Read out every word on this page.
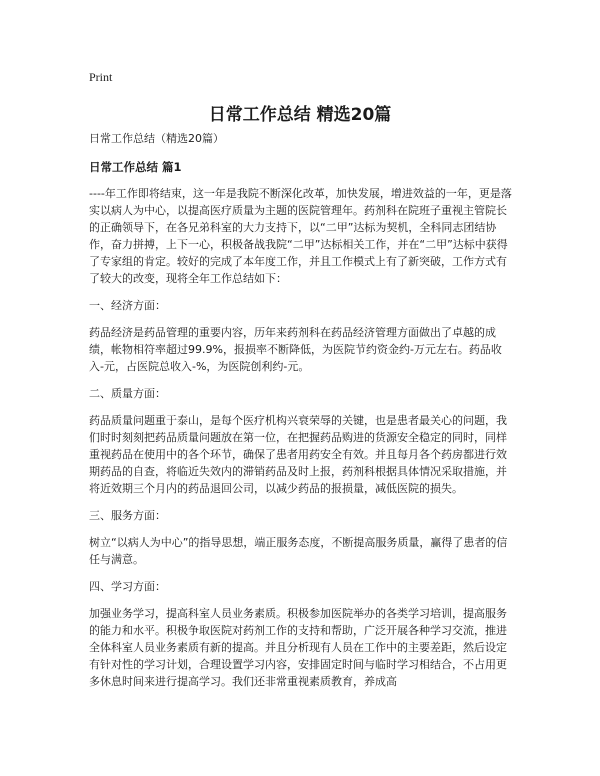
Print
日常工作总结 精选20篇

日常工作总结（精选20篇）

日常工作总结 篇1

----年工作即将结束，这一年是我院不断深化改革，加快发展，增进效益的一年，更是落实以病人为中心，以提高医疗质量为主题的医院管理年。药剂科在院班子重视主管院长的正确领导下，在各兄弟科室的大力支持下，以“二甲”达标为契机，全科同志团结协作，奋力拼搏，上下一心，积极备战我院“二甲”达标相关工作，并在“二甲”达标中获得了专家组的肯定。较好的完成了本年度工作，并且工作模式上有了新突破，工作方式有了较大的改变，现将全年工作总结如下：

一、经济方面：

药品经济是药品管理的重要内容，历年来药剂科在药品经济管理方面做出了卓越的成绩，帐物相符率超过99.9%，报损率不断降低，为医院节约资金约-万元左右。药品收入-元，占医院总收入-%，为医院创利约-元。

二、质量方面：

药品质量问题重于泰山，是每个医疗机构兴衰荣辱的关键，也是患者最关心的问题，我们时时刻刻把药品质量问题放在第一位，在把握药品购进的货源安全稳定的同时，同样重视药品在使用中的各个环节，确保了患者用药安全有效。并且每月各个药房都进行效期药品的自查，将临近失效内的滞销药品及时上报，药剂科根据具体情况采取措施，并将近效期三个月内的药品退回公司，以减少药品的报损量，减低医院的损失。

三、服务方面：

树立“以病人为中心”的指导思想，端正服务态度，不断提高服务质量，赢得了患者的信任与满意。

四、学习方面：

加强业务学习，提高科室人员业务素质。积极参加医院举办的各类学习培训，提高服务的能力和水平。积极争取医院对药剂工作的支持和帮助，广泛开展各种学习交流，推进全体科室人员业务素质有新的提高。并且分析现有人员在工作中的主要差距，然后设定有针对性的学习计划，合理设置学习内容，安排固定时间与临时学习相结合，不占用更多休息时间来进行提高学习。我们还非常重视素质教育，养成高
